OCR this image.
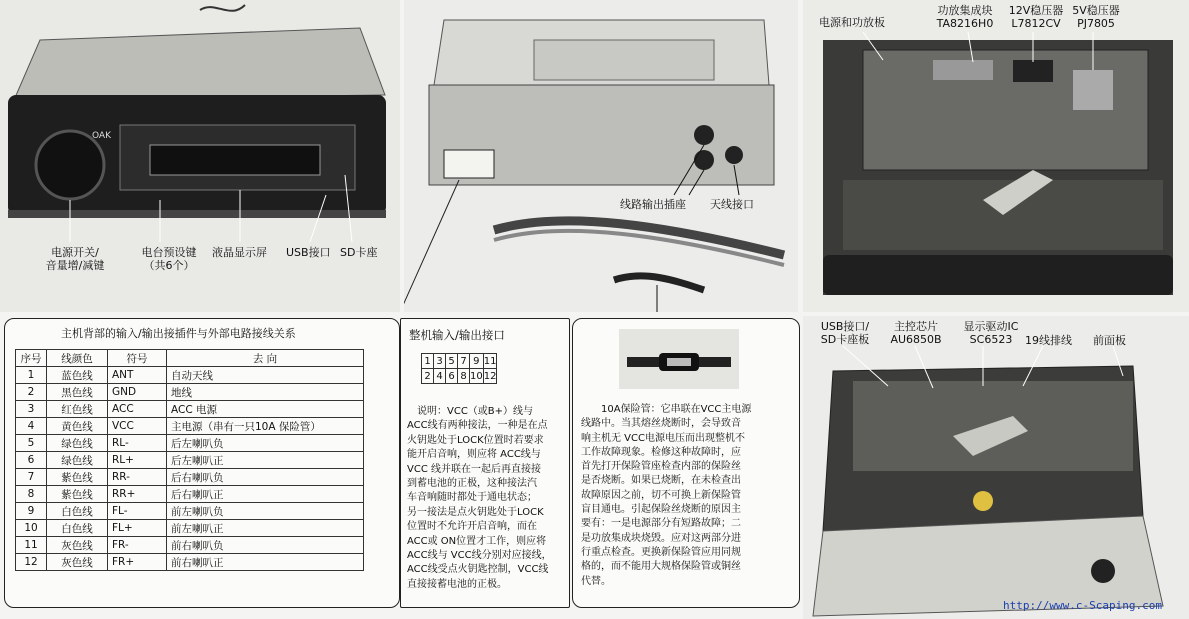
OAK
电源开关/
音量增/减键
电台预设键
（共6个）
液晶显示屏 USB接口 SD卡座
线路输出插座 天线接口
电源和功放板
功放集成块
TA8216H0
12V稳压器
L7812CV
5V稳压器
PJ7805
USB接口/
SD卡座板
主控芯片
AU6850B
显示驱动IC
SC6523	19线排线 前面板
http://www.c-Scaping.com
主机背部的输入/输出接插件与外部电路接线关系
序号	线颜色	符号	去 向
1	蓝色线	ANT	自动天线
2	黑色线	GND	地线
3	红色线	ACC	ACC 电源
4	黄色线	VCC	主电源（串有一只10A 保险管）
5	绿色线	RL-	后左喇叭负
6	绿色线	RL+	后左喇叭正
7	紫色线	RR-	后右喇叭负
8	紫色线	RR+	后右喇叭正
9	白色线	FL-	前左喇叭负
10	白色线	FL+	前左喇叭正
11	灰色线	FR-	前右喇叭负
12	灰色线	FR+	前右喇叭正
整机输入/输出接口
1	3	5	7	9	11
2	4	6	8	10	12
　说明：VCC（或B+）线与
ACC线有两种接法，一种是在点
火钥匙处于LOCK位置时若要求
能开启音响，则应将 ACC线与
VCC 线并联在一起后再直接接
到蓄电池的正极，这种接法汽
车音响随时都处于通电状态；
另一接法是点火钥匙处于LOCK
位置时不允许开启音响，而在
ACC或 ON位置才工作，则应将
ACC线与 VCC线分别对应接线，
ACC线受点火钥匙控制，VCC线
直接接蓄电池的正极。
　　10A保险管：它串联在VCC主电源
线路中。当其熔丝烧断时，会导致音
响主机无 VCC电源电压而出现整机不
工作故障现象。检修这种故障时，应
首先打开保险管座检查内部的保险丝
是否烧断。如果已烧断，在未检查出
故障原因之前，切不可换上新保险管
盲目通电。引起保险丝烧断的原因主
要有：一是电源部分有短路故障；二
是功放集成块烧毁。应对这两部分进
行重点检查。更换新保险管应用同规
格的，而不能用大规格保险管或铜丝
代替。
